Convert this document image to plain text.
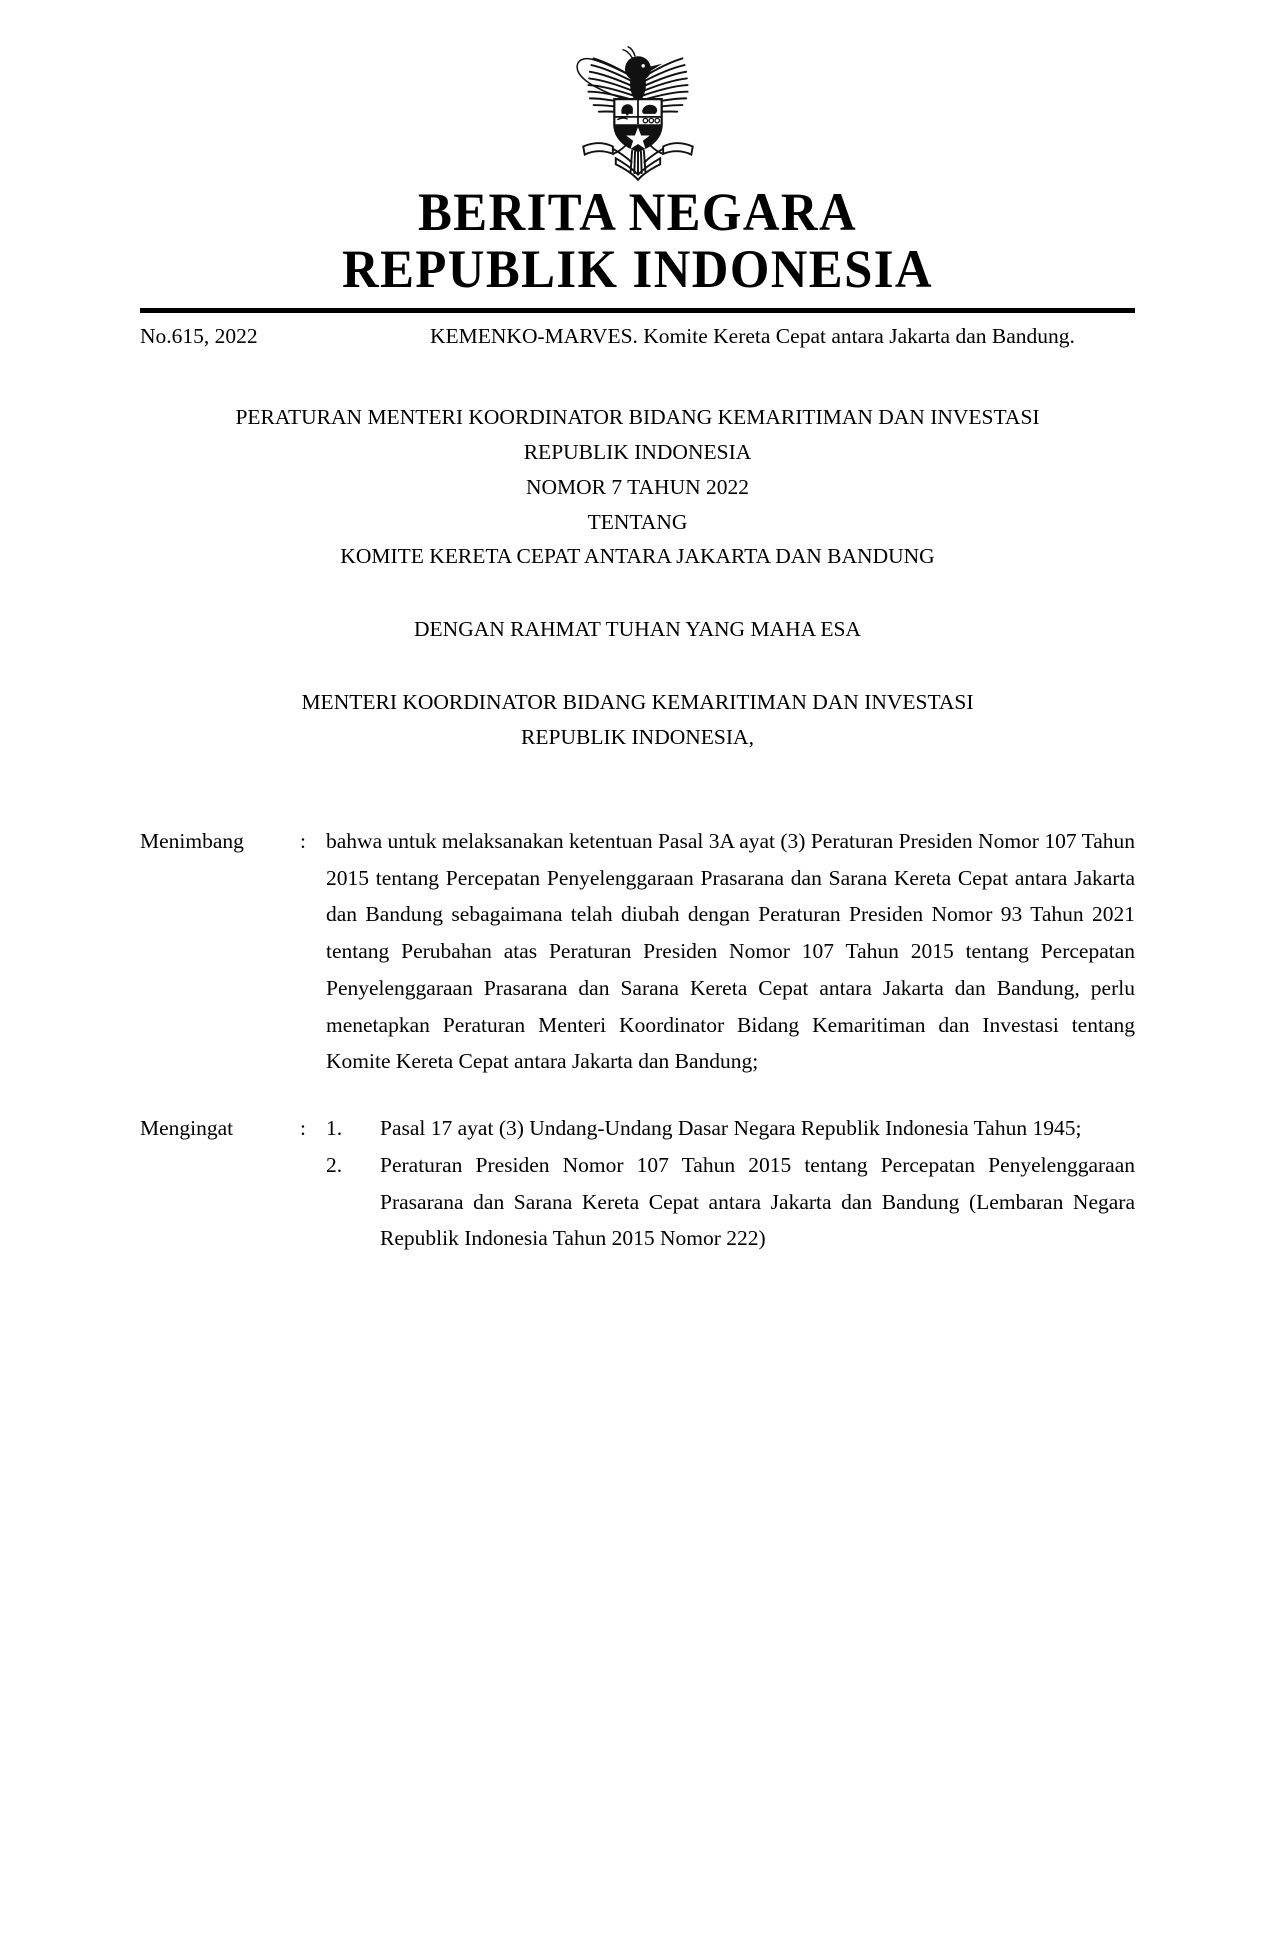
BERITA NEGARA
REPUBLIK INDONESIA
No.615, 2022	KEMENKO-MARVES. Komite Kereta Cepat antara Jakarta dan Bandung.
PERATURAN MENTERI KOORDINATOR BIDANG KEMARITIMAN DAN INVESTASI
REPUBLIK INDONESIA
NOMOR 7 TAHUN 2022
TENTANG
KOMITE KERETA CEPAT ANTARA JAKARTA DAN BANDUNG
DENGAN RAHMAT TUHAN YANG MAHA ESA
MENTERI KOORDINATOR BIDANG KEMARITIMAN DAN INVESTASI
REPUBLIK INDONESIA,
Menimbang	: bahwa untuk melaksanakan ketentuan Pasal 3A ayat (3) Peraturan Presiden Nomor 107 Tahun 2015 tentang Percepatan Penyelenggaraan Prasarana dan Sarana Kereta Cepat antara Jakarta dan Bandung sebagaimana telah diubah dengan Peraturan Presiden Nomor 93 Tahun 2021 tentang Perubahan atas Peraturan Presiden Nomor 107 Tahun 2015 tentang Percepatan Penyelenggaraan Prasarana dan Sarana Kereta Cepat antara Jakarta dan Bandung, perlu menetapkan Peraturan Menteri Koordinator Bidang Kemaritiman dan Investasi tentang Komite Kereta Cepat antara Jakarta dan Bandung;
Mengingat	: 1.	Pasal 17 ayat (3) Undang-Undang Dasar Negara Republik Indonesia Tahun 1945;
2.	Peraturan Presiden Nomor 107 Tahun 2015 tentang Percepatan Penyelenggaraan Prasarana dan Sarana Kereta Cepat antara Jakarta dan Bandung (Lembaran Negara Republik Indonesia Tahun 2015 Nomor 222)
